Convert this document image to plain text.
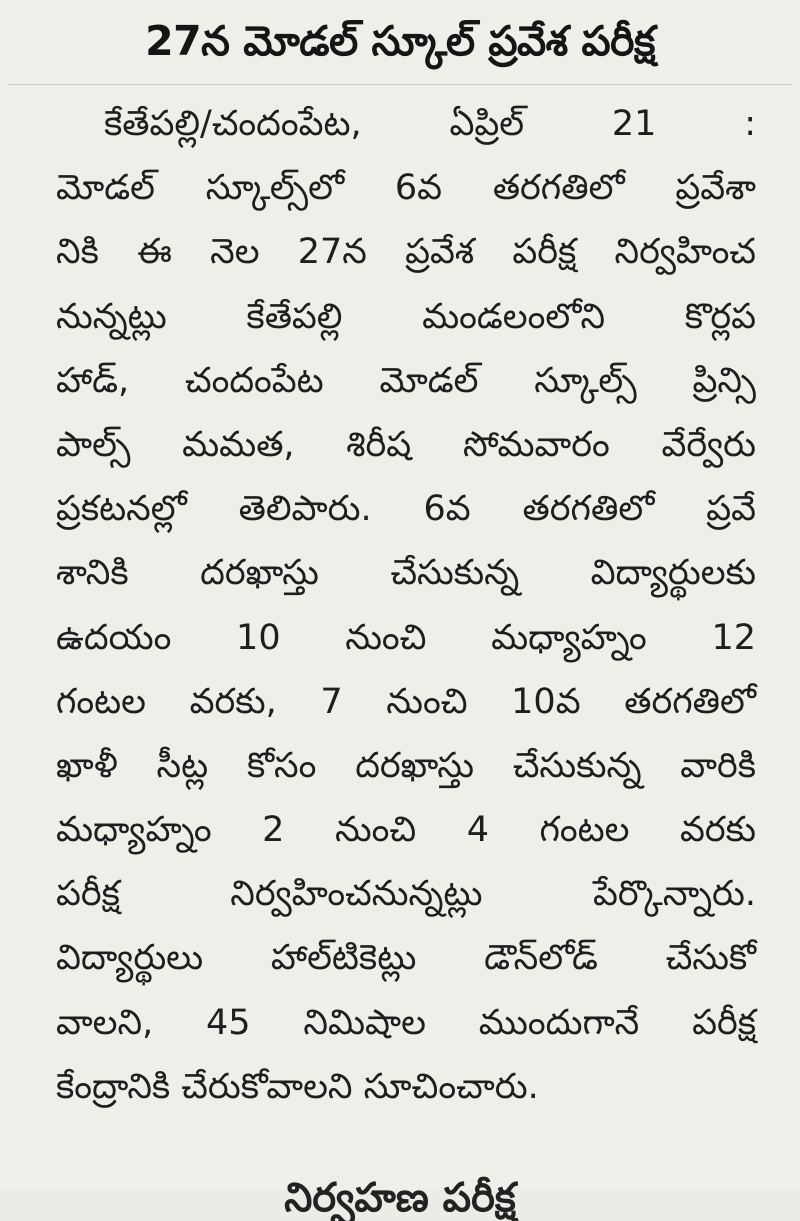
27న మోడల్ స్కూల్ ప్రవేశ పరీక్ష
కేతేపల్లి/చందంపేట, ఏప్రిల్ 21 :
మోడల్ స్కూల్స్‌లో 6వ తరగతిలో ప్రవేశా
నికి ఈ నెల 27న ప్రవేశ పరీక్ష నిర్వహించ
నున్నట్లు కేతేపల్లి మండలంలోని కొర్లప
హాడ్, చందంపేట మోడల్ స్కూల్స్ ప్రిన్సి
పాల్స్ మమత, శిరీష సోమవారం వేర్వేరు
ప్రకటనల్లో తెలిపారు. 6వ తరగతిలో ప్రవే
శానికి దరఖాస్తు చేసుకున్న విద్యార్థులకు
ఉదయం 10 నుంచి మధ్యాహ్నం 12
గంటల వరకు, 7 నుంచి 10వ తరగతిలో
ఖాళీ సీట్ల కోసం దరఖాస్తు చేసుకున్న వారికి
మధ్యాహ్నం 2 నుంచి 4 గంటల వరకు
పరీక్ష నిర్వహించనున్నట్లు పేర్కొన్నారు.
విద్యార్థులు హాల్‌టికెట్లు డౌన్‌లోడ్ చేసుకో
వాలని, 45 నిమిషాల ముందుగానే పరీక్ష
కేంద్రానికి చేరుకోవాలని సూచించారు.
నిర్వహణ పరీక్ష
